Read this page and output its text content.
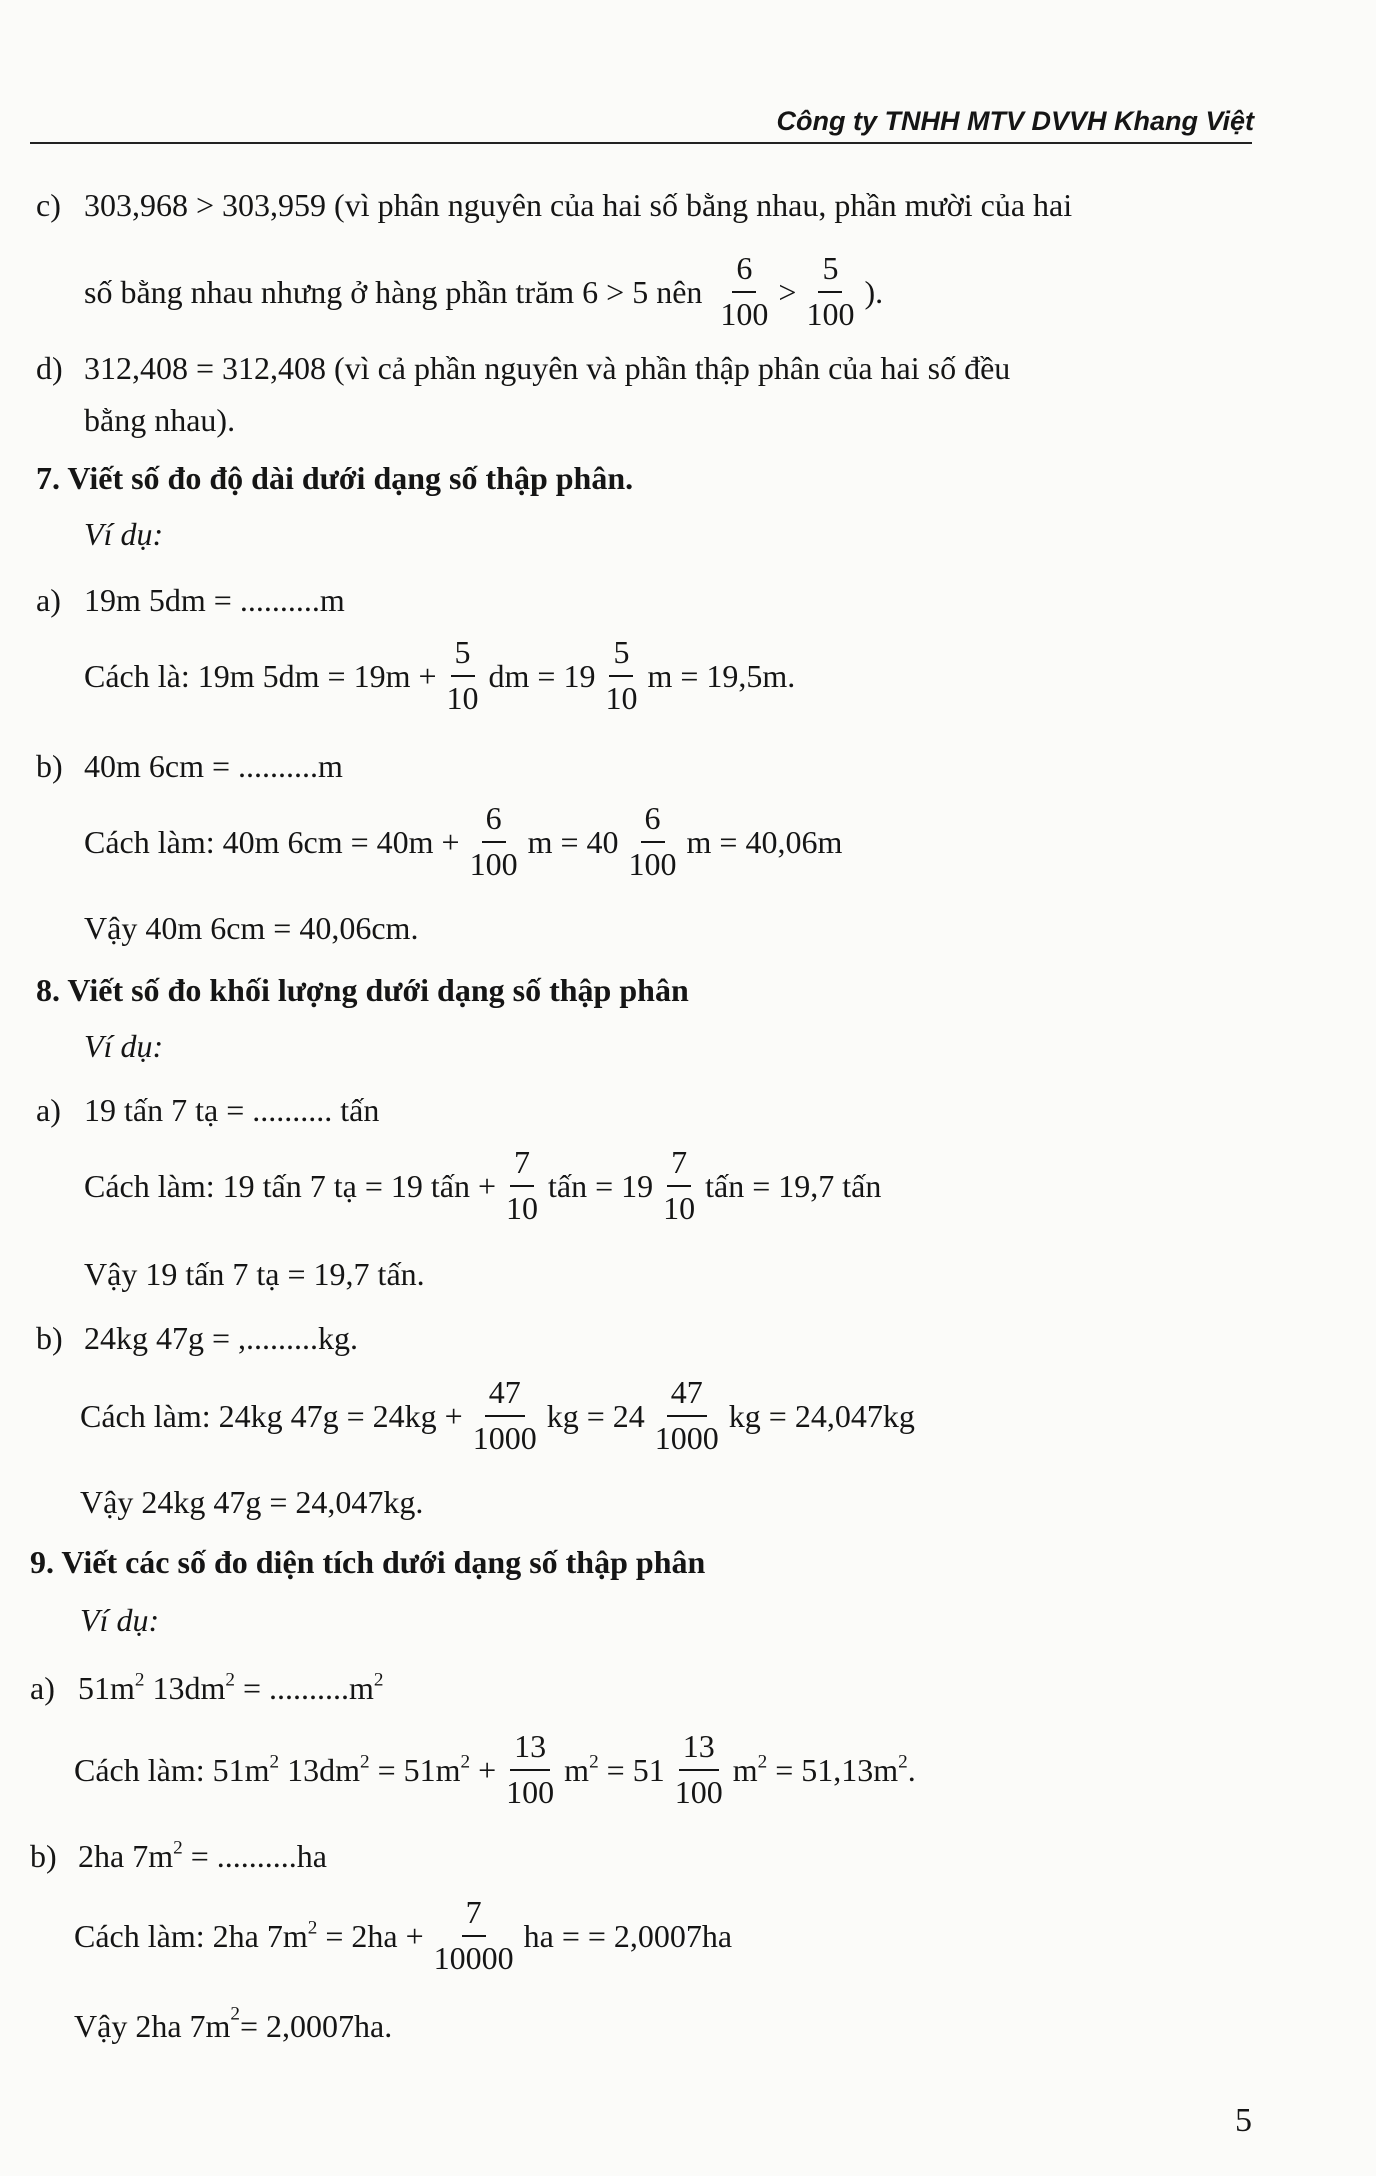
Công ty TNHH MTV DVVH Khang Việt
c) 303,968 > 303,959 (vì phân nguyên của hai số bằng nhau, phần mười của hai
số bằng nhau nhưng ở hàng phần trăm 6 > 5 nên $\frac{6}{100} > \frac{5}{100}$ ).
d) 312,408 = 312,408 (vì cả phần nguyên và phần thập phân của hai số đều
bằng nhau).
7. Viết số đo độ dài dưới dạng số thập phân.
Ví dụ:
a) 19m 5dm = ..........m
Cách là: 19m $5dm = 19m + \frac{5}{10}$ dm = $19 \frac{5}{10}$ m = 19,5m.
b) 40m 6cm = ..........m
Cách làm: 40m $6cm = 40m + \frac{6}{100}$ $m = 40 \frac{6}{100}$ m = 40,06m
Vậy 40m 6cm = 40,06cm.
8. Viết số đo khối lượng dưới dạng số thập phân
Ví dụ:
a) 19 tấn 7 tạ = .......... tấn
Cách làm: 19 tấn 7 tạ = 19 tấn + $\frac{7}{10}$ tấn = $19 \frac{7}{10}$ tấn = 19,7 tấn
Vậy 19 tấn 7 tạ = 19,7 tấn.
b) 24kg 47g = ,.........kg.
Cách làm: 24kg $47g = 24kg + \frac{47}{1000}$ kg = $24 \frac{47}{1000}$ kg = 24,047kg
Vậy 24kg 47g = 24,047kg.
9. Viết các số đo diện tích dưới dạng số thập phân
Ví dụ:
a) $51m^2$ $13dm^2 = ..........m^2$
Cách làm: $51m^2$ $13dm^2 = 51m^2 + \frac{13}{100} m^2 = 51 \frac{13}{100} m^2 = 51,13m^2$.
b) 2ha $7m^2 = ..........ha$
Cách làm: 2ha $7m^2 = 2ha + \frac{7}{10000}$ ha = = 2,0007ha
Vậy 2ha $7m^2= 2,0007ha$.
5
